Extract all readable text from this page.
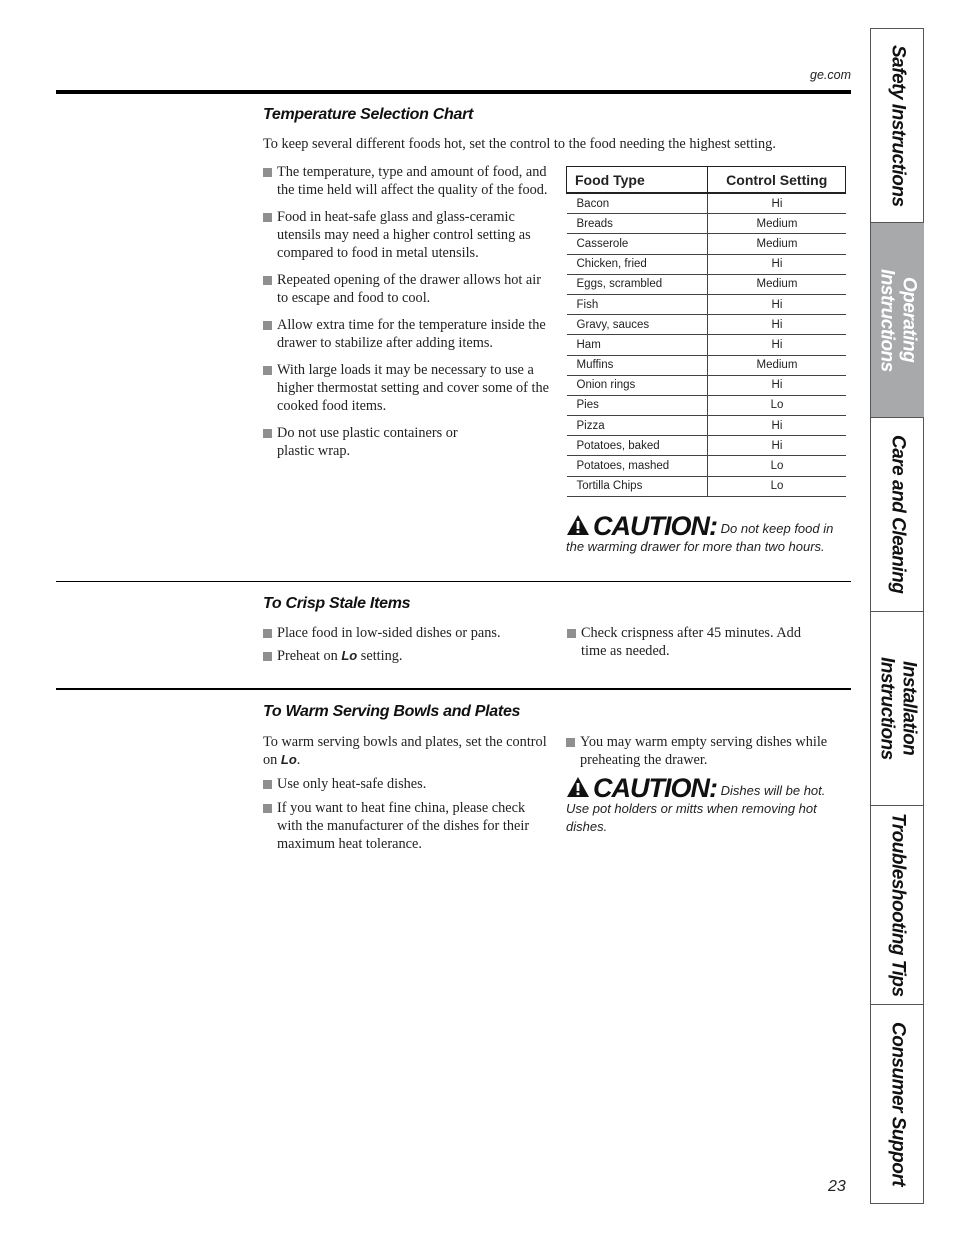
ge.com
Temperature Selection Chart

To keep several different foods hot, set the control to the food needing the highest setting.

The temperature, type and amount of food, and the time held will affect the quality of the food.
Food in heat-safe glass and glass-ceramic utensils may need a higher control setting as compared to food in metal utensils.
Repeated opening of the drawer allows hot air to escape and food to cool.
Allow extra time for the temperature inside the drawer to stabilize after adding items.
With large loads it may be necessary to use a higher thermostat setting and cover some of the cooked food items.
Do not use plastic containers or plastic wrap.
Food Type	Control Setting
Bacon	Hi
Breads	Medium
Casserole	Medium
Chicken, fried	Hi
Eggs, scrambled	Medium
Fish	Hi
Gravy, sauces	Hi
Ham	Hi
Muffins	Medium
Onion rings	Hi
Pies	Lo
Pizza	Hi
Potatoes, baked	Hi
Potatoes, mashed	Lo
Tortilla Chips	Lo

CAUTION: Do not keep food in the warming drawer for more than two hours.

To Crisp Stale Items
Place food in low-sided dishes or pans.
Preheat on Lo setting.
Check crispness after 45 minutes. Add time as needed.
To Warm Serving Bowls and Plates

To warm serving bowls and plates, set the control on Lo.

Use only heat-safe dishes.
If you want to heat fine china, please check with the manufacturer of the dishes for their maximum heat tolerance.
You may warm empty serving dishes while preheating the drawer.

CAUTION: Dishes will be hot. Use pot holders or mitts when removing hot dishes.

Safety Instructions
Operating
Instructions
Care and Cleaning
Installation
Instructions
Troubleshooting Tips
Consumer Support
23
